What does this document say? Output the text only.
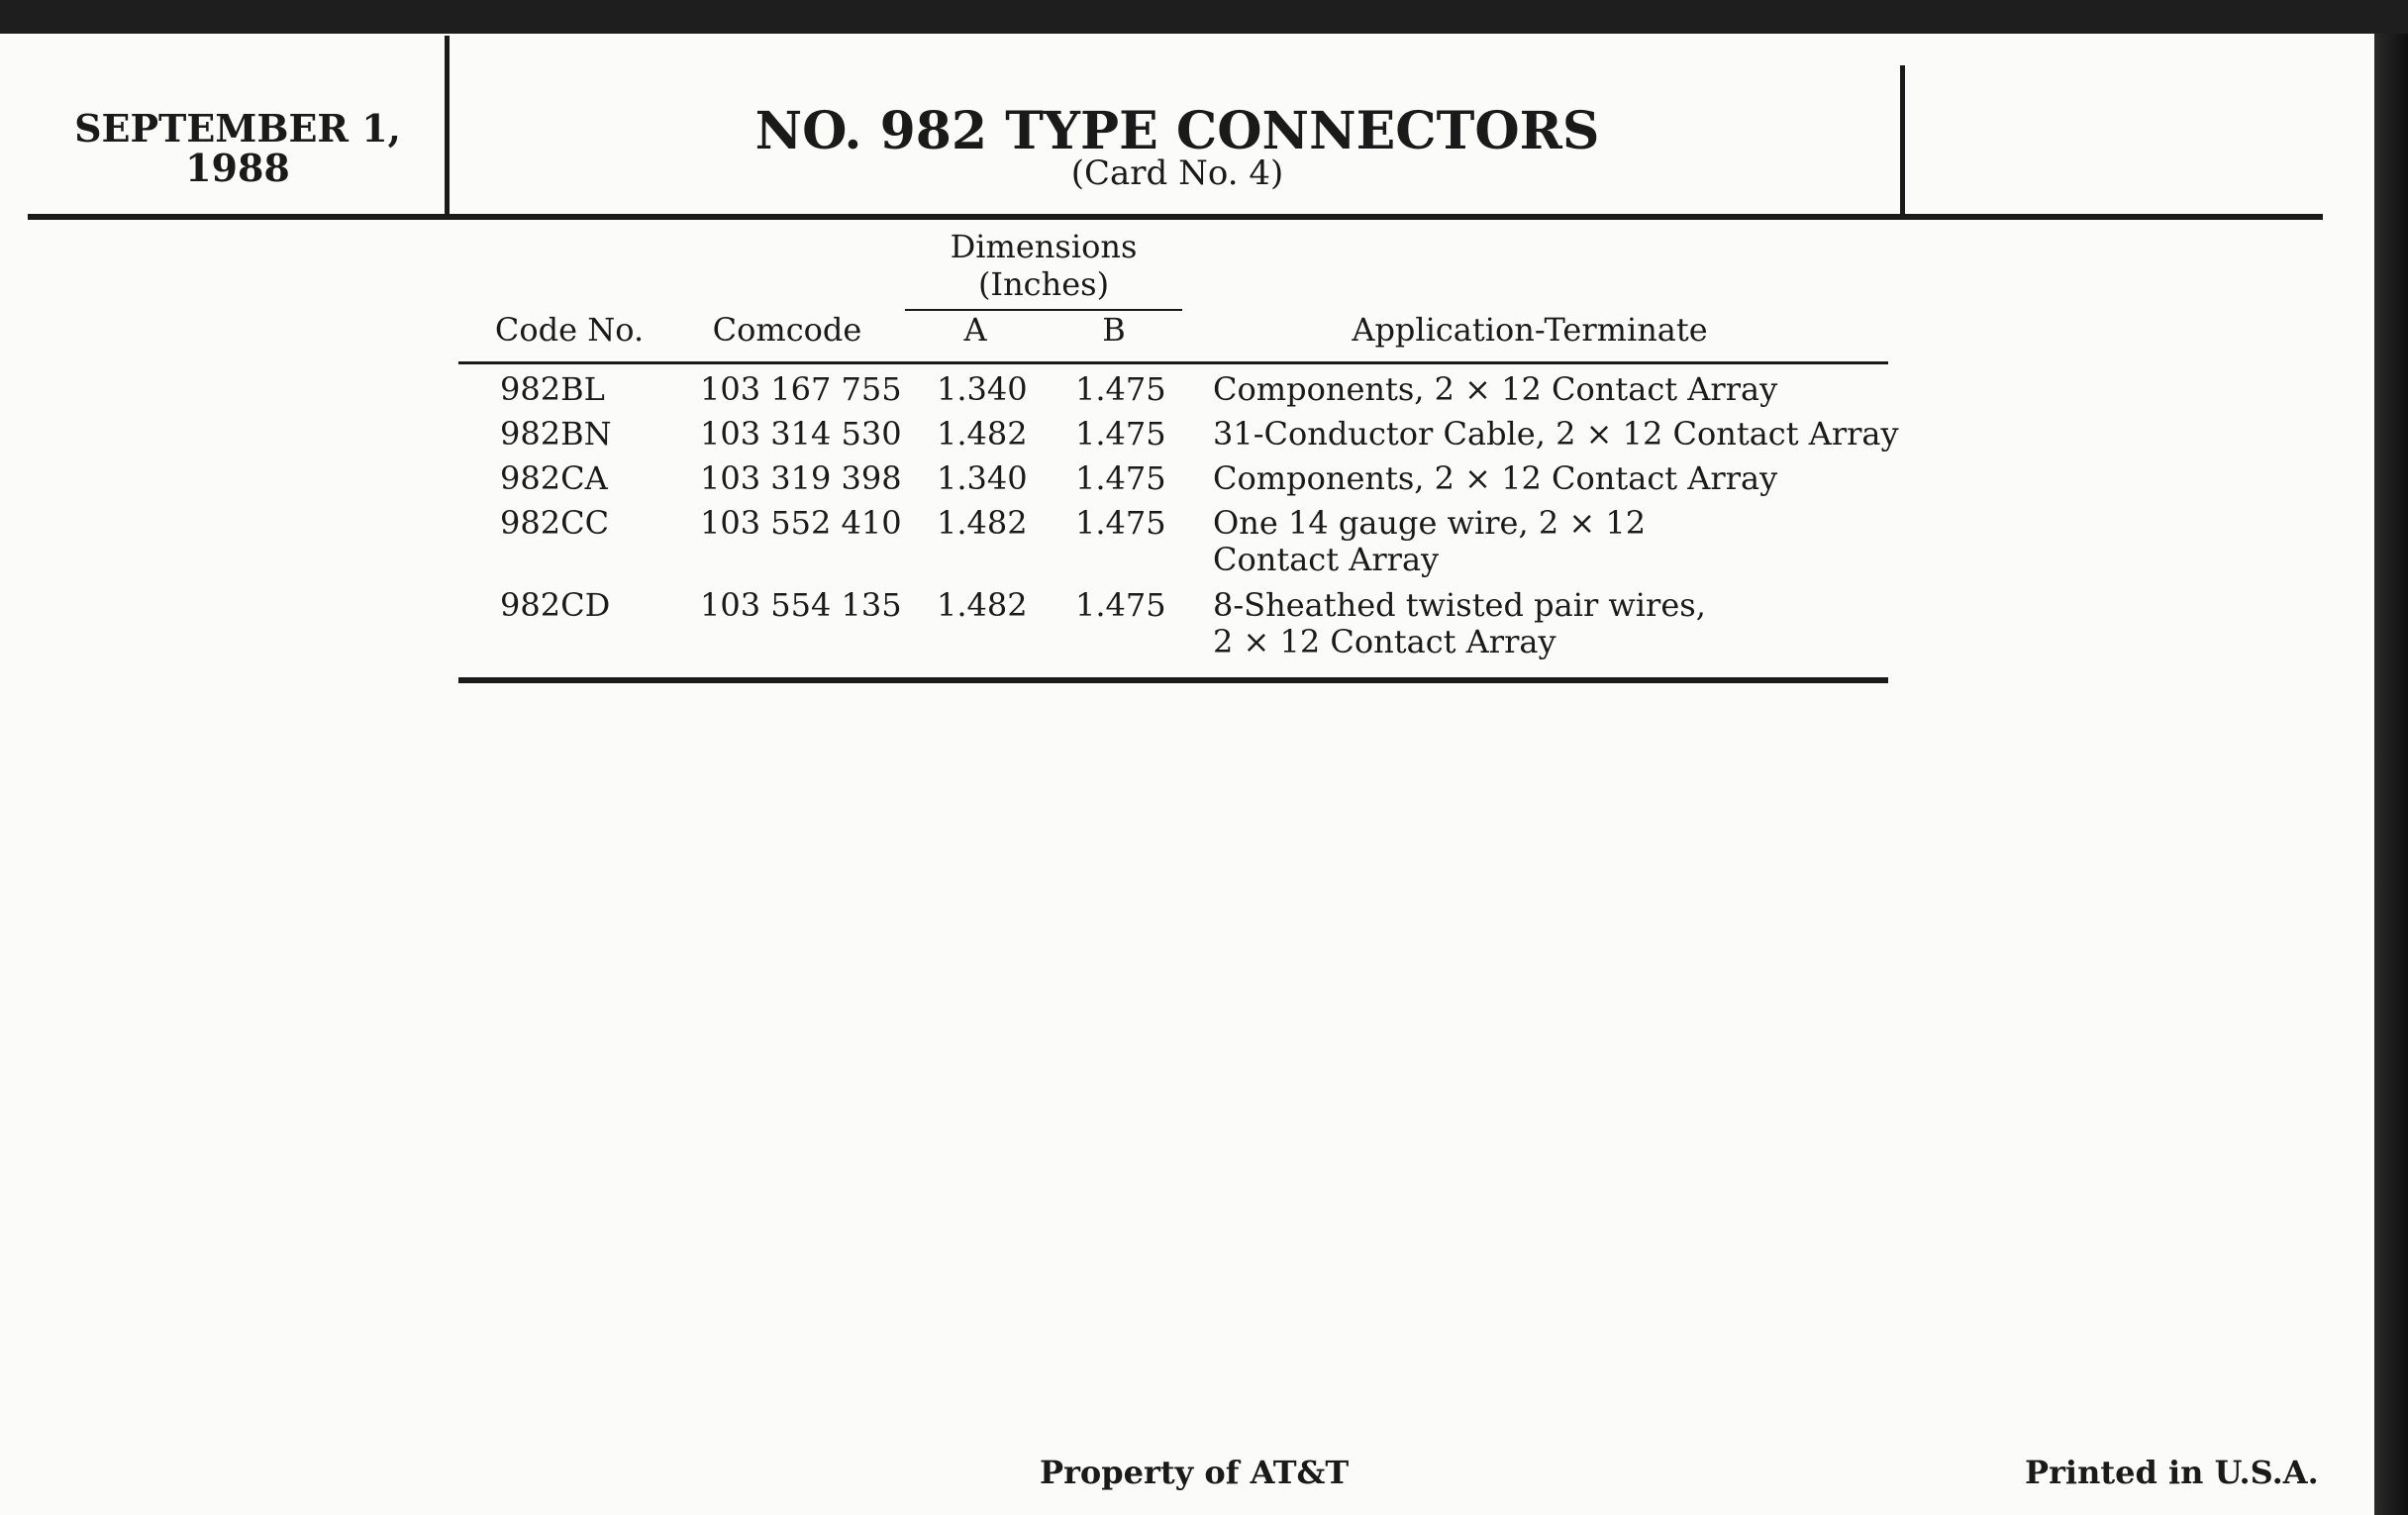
SEPTEMBER 1,
1988
NO. 982 TYPE CONNECTORS
(Card No. 4)
Dimensions
(Inches)
Code No.	Comcode	A	B	Application-Terminate
982BL	103 167 755 1.340 1.475 Components, 2 × 12 Contact Array
982BN	103 314 530 1.482 1.475 31-Conductor Cable, 2 × 12 Contact Array
982CA	103 319 398 1.340 1.475 Components, 2 × 12 Contact Array
982CC	103 552 410 1.482 1.475 One 14 gauge wire, 2 × 12
Contact Array
982CD	103 554 135 1.482 1.475 8-Sheathed twisted pair wires,
2 × 12 Contact Array
Property of AT&T	Printed in U.S.A.
